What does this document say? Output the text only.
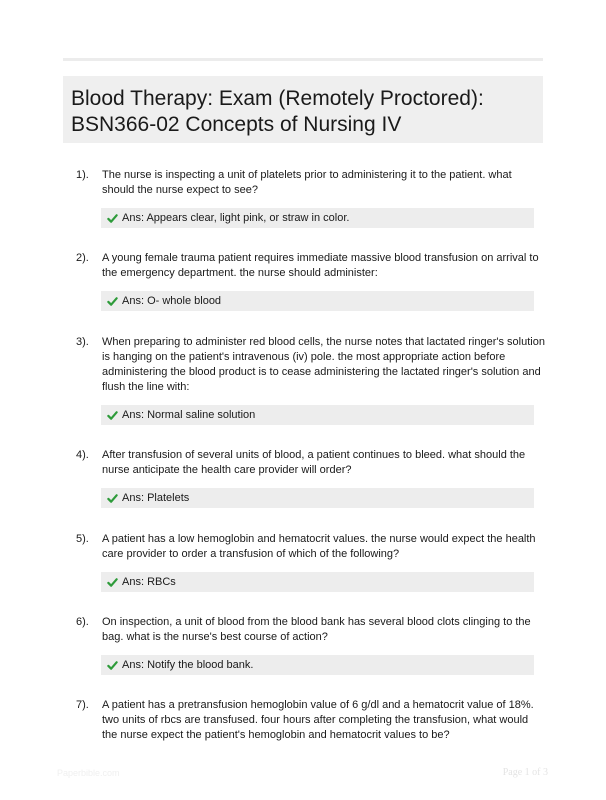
Blood Therapy: Exam (Remotely Proctored):
BSN366-02 Concepts of Nursing IV
1). The nurse is inspecting a unit of platelets prior to administering it to the patient. what
should the nurse expect to see?
Ans: Appears clear, light pink, or straw in color.
2). A young female trauma patient requires immediate massive blood transfusion on arrival to
the emergency department. the nurse should administer:
Ans: O- whole blood
3). When preparing to administer red blood cells, the nurse notes that lactated ringer's solution
is hanging on the patient's intravenous (iv) pole. the most appropriate action before
administering the blood product is to cease administering the lactated ringer's solution and
flush the line with:
Ans: Normal saline solution
4). After transfusion of several units of blood, a patient continues to bleed. what should the
nurse anticipate the health care provider will order?
Ans: Platelets
5). A patient has a low hemoglobin and hematocrit values. the nurse would expect the health
care provider to order a transfusion of which of the following?
Ans: RBCs
6). On inspection, a unit of blood from the blood bank has several blood clots clinging to the
bag. what is the nurse's best course of action?
Ans: Notify the blood bank.
7). A patient has a pretransfusion hemoglobin value of 6 g/dl and a hematocrit value of 18%.
two units of rbcs are transfused. four hours after completing the transfusion, what would
the nurse expect the patient's hemoglobin and hematocrit values to be?
Paperbible.com	Page 1 of 3
